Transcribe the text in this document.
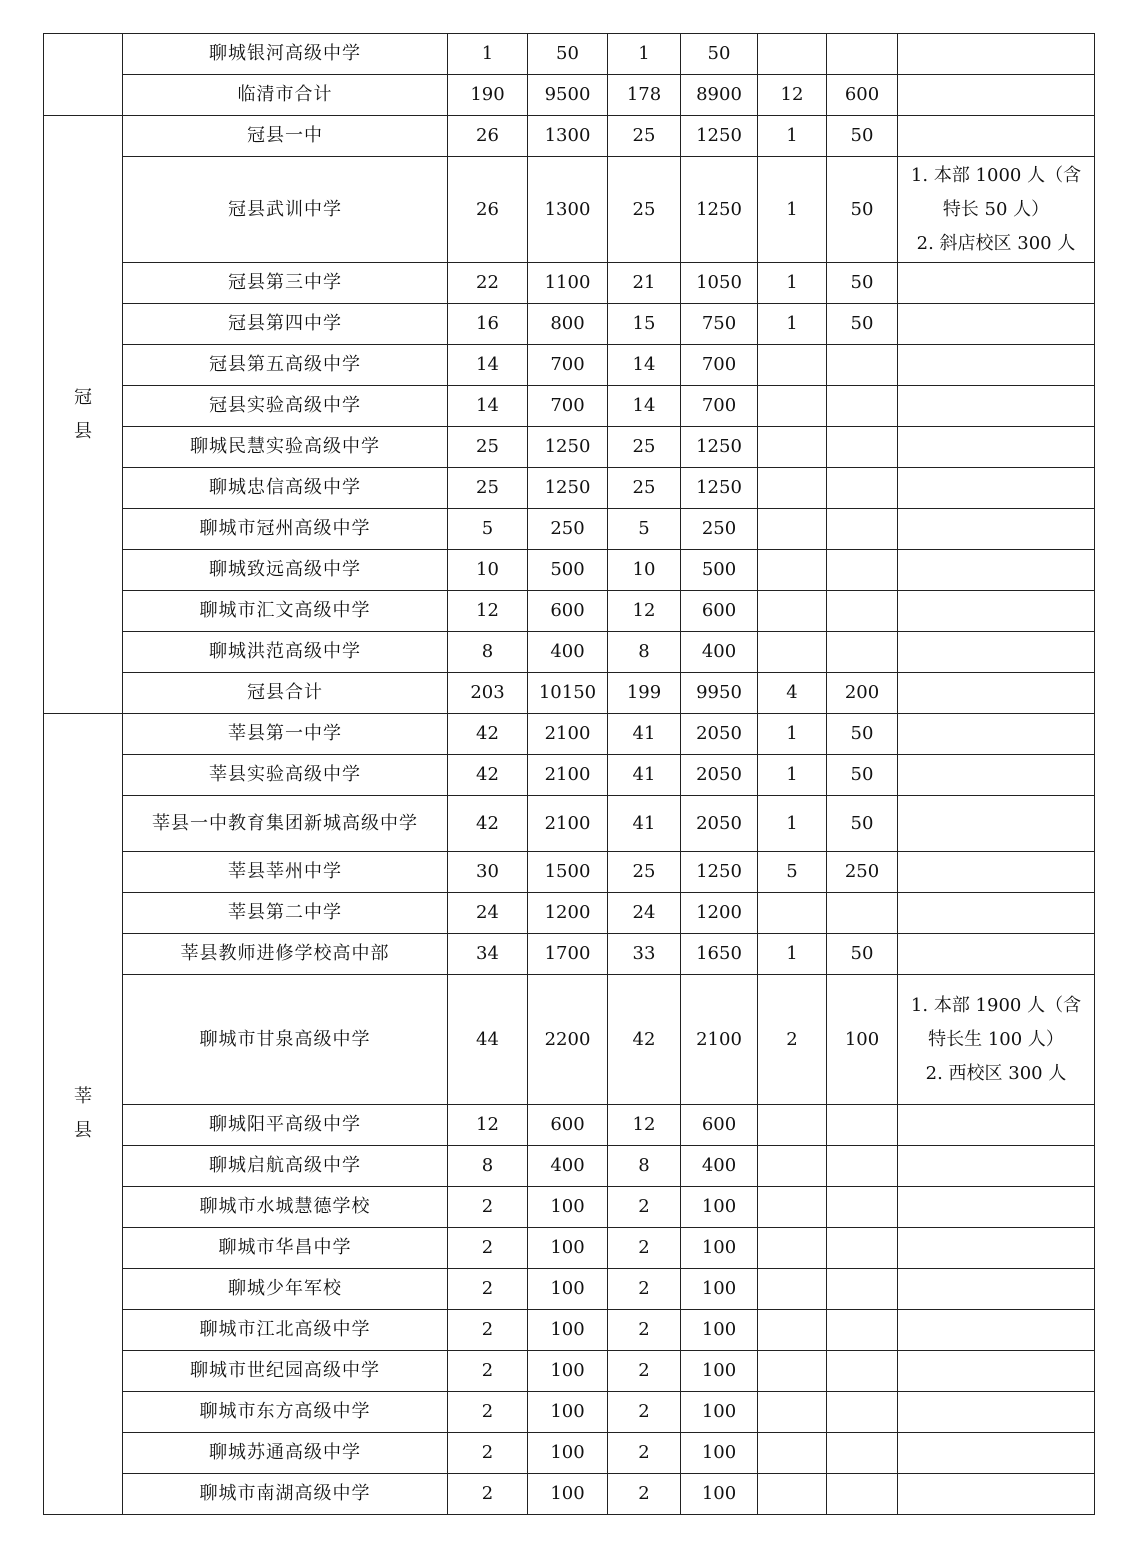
	聊城银河高级中学	1	50	1	50			
	临清市合计	190	9500	178	8900	12	600	
冠县	冠县一中	26	1300	25	1250	1	50	
	冠县武训中学	26	1300	25	1250	1	50	1. 本部 1000 人（含
特长 50 人）
2. 斜店校区 300 人

	冠县第三中学	22	1100	21	1050	1	50	
	冠县第四中学	16	800	15	750	1	50	
	冠县第五高级中学	14	700	14	700			
	冠县实验高级中学	14	700	14	700			
	聊城民慧实验高级中学	25	1250	25	1250			
	聊城忠信高级中学	25	1250	25	1250			
	聊城市冠州高级中学	5	250	5	250			
	聊城致远高级中学	10	500	10	500			
	聊城市汇文高级中学	12	600	12	600			
	聊城洪范高级中学	8	400	8	400			
	冠县合计	203	10150	199	9950	4	200	
莘县	莘县第一中学	42	2100	41	2050	1	50	
	莘县实验高级中学	42	2100	41	2050	1	50	
	莘县一中教育集团新城高级中学	42	2100	41	2050	1	50	
	莘县莘州中学	30	1500	25	1250	5	250	
	莘县第二中学	24	1200	24	1200			
	莘县教师进修学校高中部	34	1700	33	1650	1	50	
	聊城市甘泉高级中学	44	2200	42	2100	2	100	1. 本部 1900 人（含
特长生 100 人）
2. 西校区 300 人

	聊城阳平高级中学	12	600	12	600			
	聊城启航高级中学	8	400	8	400			
	聊城市水城慧德学校	2	100	2	100			
	聊城市华昌中学	2	100	2	100			
	聊城少年军校	2	100	2	100			
	聊城市江北高级中学	2	100	2	100			
	聊城市世纪园高级中学	2	100	2	100			
	聊城市东方高级中学	2	100	2	100			
	聊城苏通高级中学	2	100	2	100			
	聊城市南湖高级中学	2	100	2	100			
